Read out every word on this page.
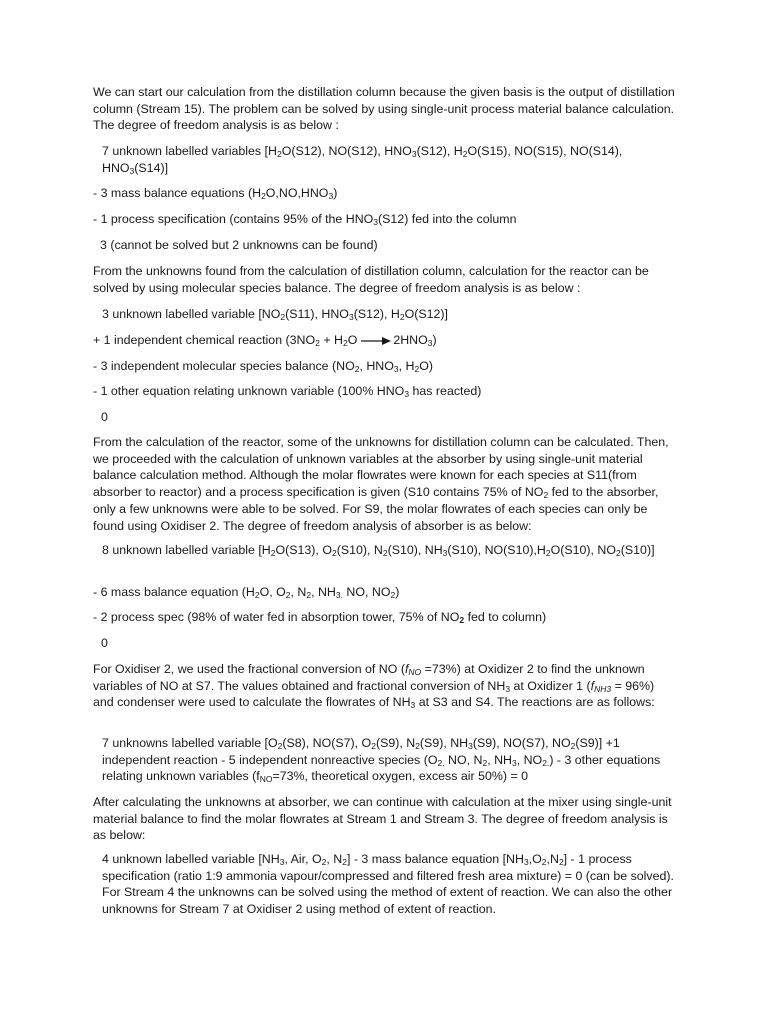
We can start our calculation from the distillation column because the given basis is the output of distillation column (Stream 15). The problem can be solved by using single-unit process material balance calculation. The degree of freedom analysis is as below :

7 unknown labelled variables [$H_2O(S12)$, NO(S12), $HNO_3(S12)$, $H_2O(S15)$, NO(S15), NO(S14), $HNO_3(S14)$]

- 3 mass balance equations $(H_2O,NO,HNO_3)$

- 1 process specification (contains 95% of the $HNO_3(S12)$ fed into the column

3 (cannot be solved but 2 unknowns can be found)

From the unknowns found from the calculation of distillation column, calculation for the reactor can be solved by using molecular species balance. The degree of freedom analysis is as below :

3 unknown labelled variable [$NO_2(S11)$, $HNO_3(S12)$, $H_2O(S12)$]

+ 1 independent chemical reaction $(3NO_2 + H_2O \to 2HNO_3)$

- 3 independent molecular species balance ($NO_2$, $HNO_3$, $H_2O$)

- 1 other equation relating unknown variable (100% $HNO_3$ has reacted)

0

From the calculation of the reactor, some of the unknowns for distillation column can be calculated. Then, we proceeded with the calculation of unknown variables at the absorber by using single-unit material balance calculation method. Although the molar flowrates were known for each species at S11(from absorber to reactor) and a process specification is given (S10 contains 75% of $NO_2$ fed to the absorber, only a few unknowns were able to be solved. For S9, the molar flowrates of each species can only be found using Oxidiser 2. The degree of freedom analysis of absorber is as below:

8 unknown labelled variable [$H_2O(S13)$, $O_2(S10)$, $N_2(S10)$, $NH_3(S10)$, $NO(S10),H_2O(S10)$, $NO_2(S10)$]

- 6 mass balance equation ($H_2O$, $O_2$, $N_2$, $NH_{3.}$ NO, $NO_2$)

- 2 process spec (98% of water fed in absorption tower, 75% of $NO_2$ fed to column)

0

For Oxidiser 2, we used the fractional conversion of NO $(f_{NO} =73\%)$ at Oxidizer 2 to find the unknown variables of NO at S7. The values obtained and fractional conversion of $NH_3$ at Oxidizer 1 $(f_{NH3} = 96\%)$ and condenser were used to calculate the flowrates of $NH_3$ at S3 and S4. The reactions are as follows:

7 unknowns labelled variable [$O_2(S8)$, NO(S7), $O_2(S9)$, $N_2(S9)$, $NH_3(S9)$, NO(S7), $NO_2(S9)] +1$ independent reaction - 5 independent nonreactive species ($O_{2.}$ NO, $N_2$, $NH_3$, $NO_{2.}) - 3$ other equations relating unknown variables ($f_{NO}=73\%$, theoretical oxygen, excess air 50%) = 0

After calculating the unknowns at absorber, we can continue with calculation at the mixer using single-unit material balance to find the molar flowrates at Stream 1 and Stream 3. The degree of freedom analysis is as below:

4 unknown labelled variable [$NH_3$, Air, $O_2$, $N_2] - 3$ mass balance equation $[NH_3,O_2,N_2] - 1$ process specification (ratio 1:9 ammonia vapour/compressed and filtered fresh area mixture) = 0 (can be solved). For Stream 4 the unknowns can be solved using the method of extent of reaction. We can also the other unknowns for Stream 7 at Oxidiser 2 using method of extent of reaction.
